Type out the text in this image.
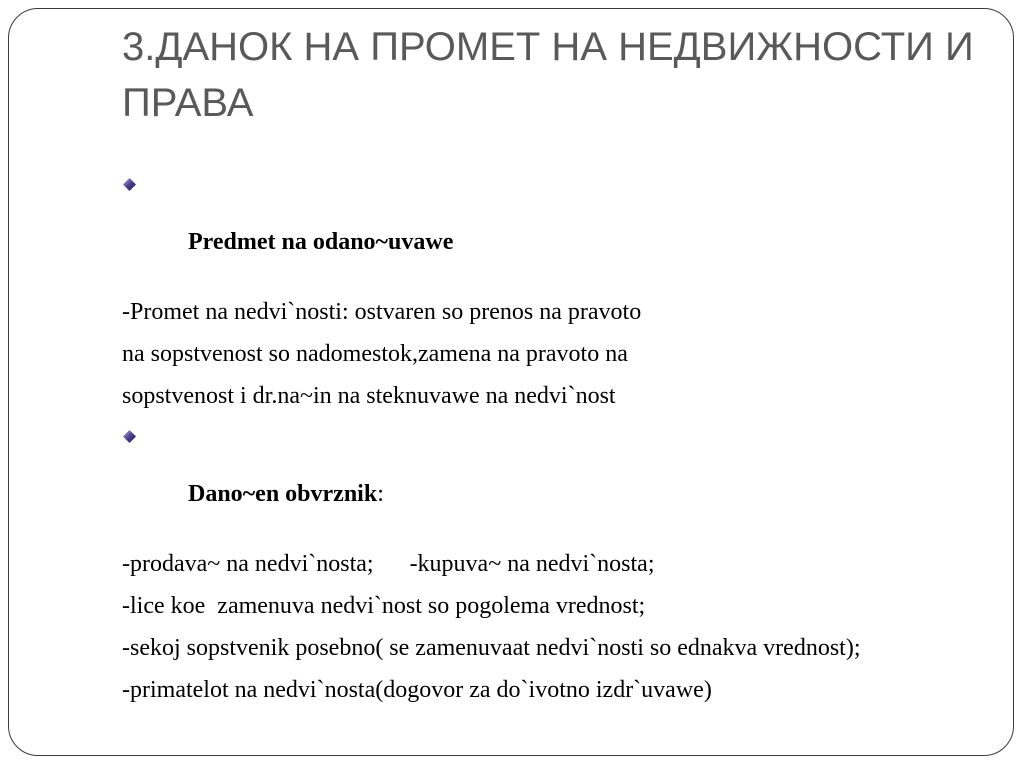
3.ДАНОК НА ПРОМЕТ НА НЕДВИЖНОСТИ И ПРАВА

Predmet na odano~uvawe

-Promet na nedvi`nosti: ostvaren so prenos na pravoto
na sopstvenost so nadomestok,zamena na pravoto na
sopstvenost i dr.na~in na steknuvawe na nedvi`nost

Dano~en obvrznik:

-prodava~ na nedvi`nosta;      -kupuva~ na nedvi`nosta;
-lice koe  zamenuva nedvi`nost so pogolema vrednost;
-sekoj sopstvenik posebno( se zamenuvaat nedvi`nosti so ednakva vrednost);
-primatelot na nedvi`nosta(dogovor za do`ivotno izdr`uvawe)
